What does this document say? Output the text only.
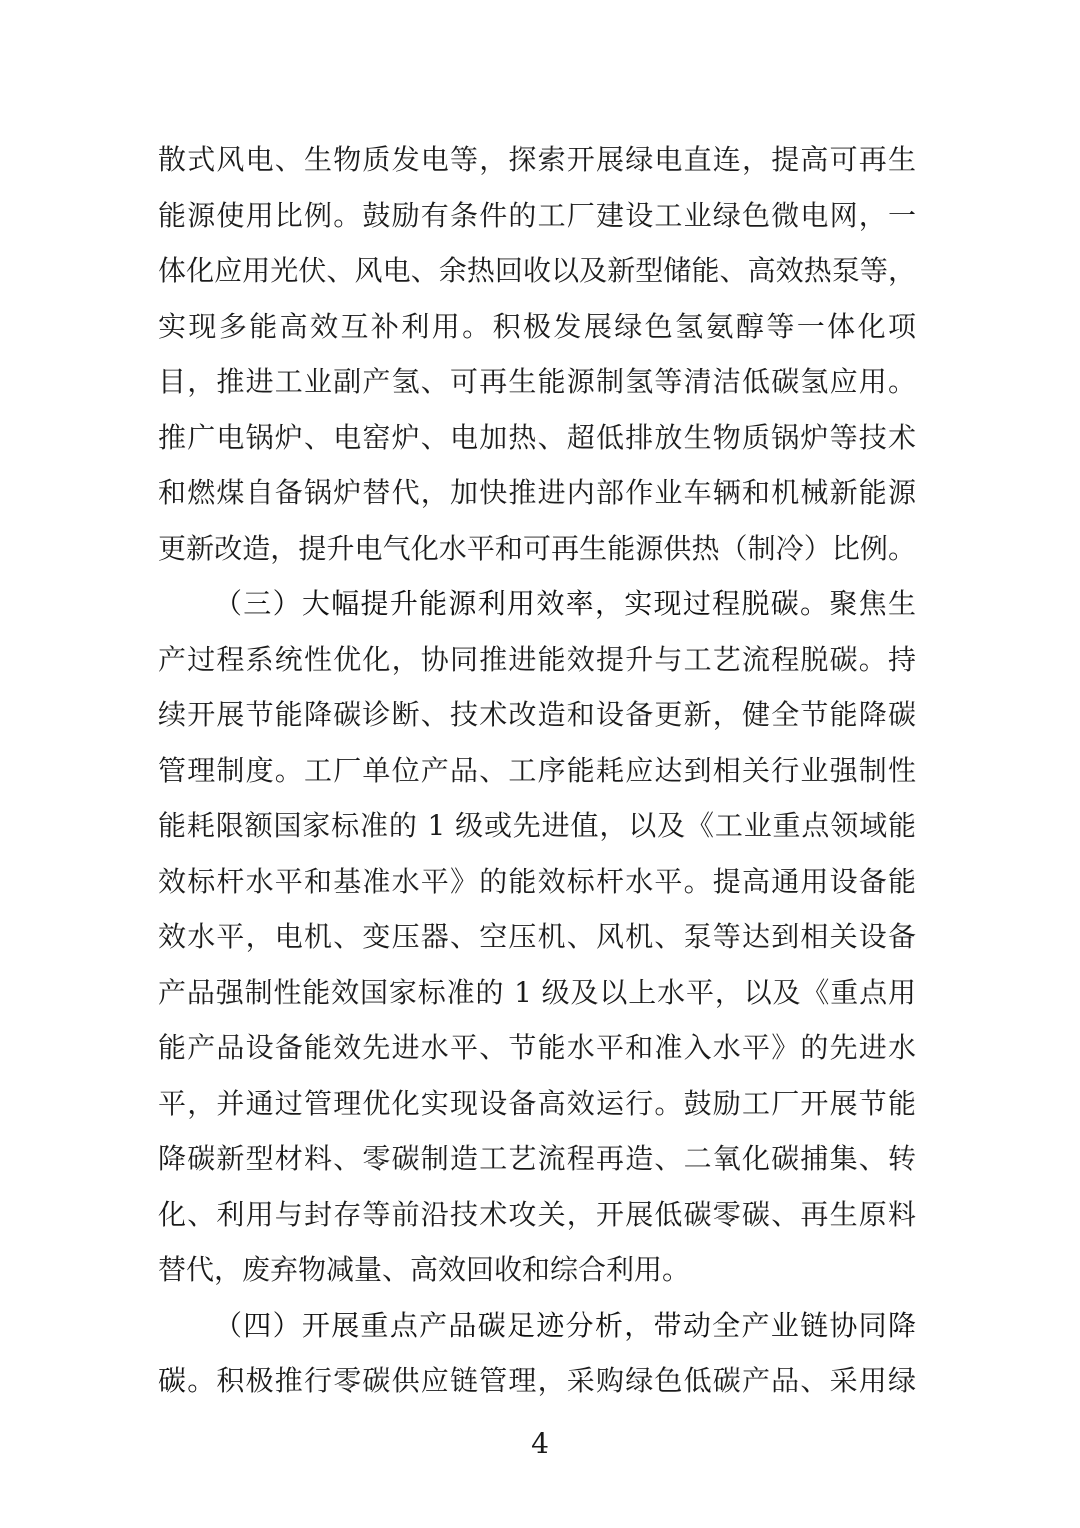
散式风电、生物质发电等，探索开展绿电直连，提高可再生
能源使用比例。鼓励有条件的工厂建设工业绿色微电网，一
体化应用光伏、风电、余热回收以及新型储能、高效热泵等，
实现多能高效互补利用。积极发展绿色氢氨醇等一体化项
目，推进工业副产氢、可再生能源制氢等清洁低碳氢应用。
推广电锅炉、电窑炉、电加热、超低排放生物质锅炉等技术
和燃煤自备锅炉替代，加快推进内部作业车辆和机械新能源
更新改造，提升电气化水平和可再生能源供热（制冷）比例。
（三）大幅提升能源利用效率，实现过程脱碳。聚焦生
产过程系统性优化，协同推进能效提升与工艺流程脱碳。持
续开展节能降碳诊断、技术改造和设备更新，健全节能降碳
管理制度。工厂单位产品、工序能耗应达到相关行业强制性
能耗限额国家标准的 1 级或先进值，以及《工业重点领域能
效标杆水平和基准水平》的能效标杆水平。提高通用设备能
效水平，电机、变压器、空压机、风机、泵等达到相关设备
产品强制性能效国家标准的 1 级及以上水平，以及《重点用
能产品设备能效先进水平、节能水平和准入水平》的先进水
平，并通过管理优化实现设备高效运行。鼓励工厂开展节能
降碳新型材料、零碳制造工艺流程再造、二氧化碳捕集、转
化、利用与封存等前沿技术攻关，开展低碳零碳、再生原料
替代，废弃物减量、高效回收和综合利用。
（四）开展重点产品碳足迹分析，带动全产业链协同降
碳。积极推行零碳供应链管理，采购绿色低碳产品、采用绿
4
